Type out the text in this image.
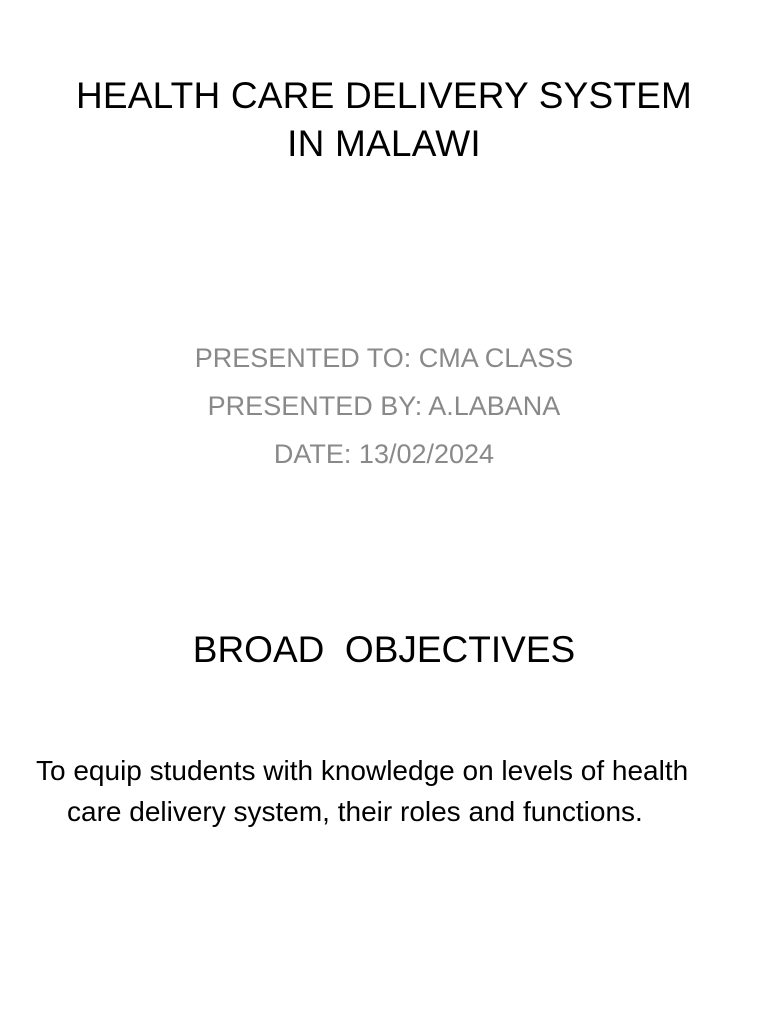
HEALTH CARE DELIVERY SYSTEM
IN MALAWI
PRESENTED TO: CMA CLASS
PRESENTED BY: A.LABANA
DATE: 13/02/2024
BROAD  OBJECTIVES
To equip students with knowledge on levels of health care delivery system, their roles and functions.
